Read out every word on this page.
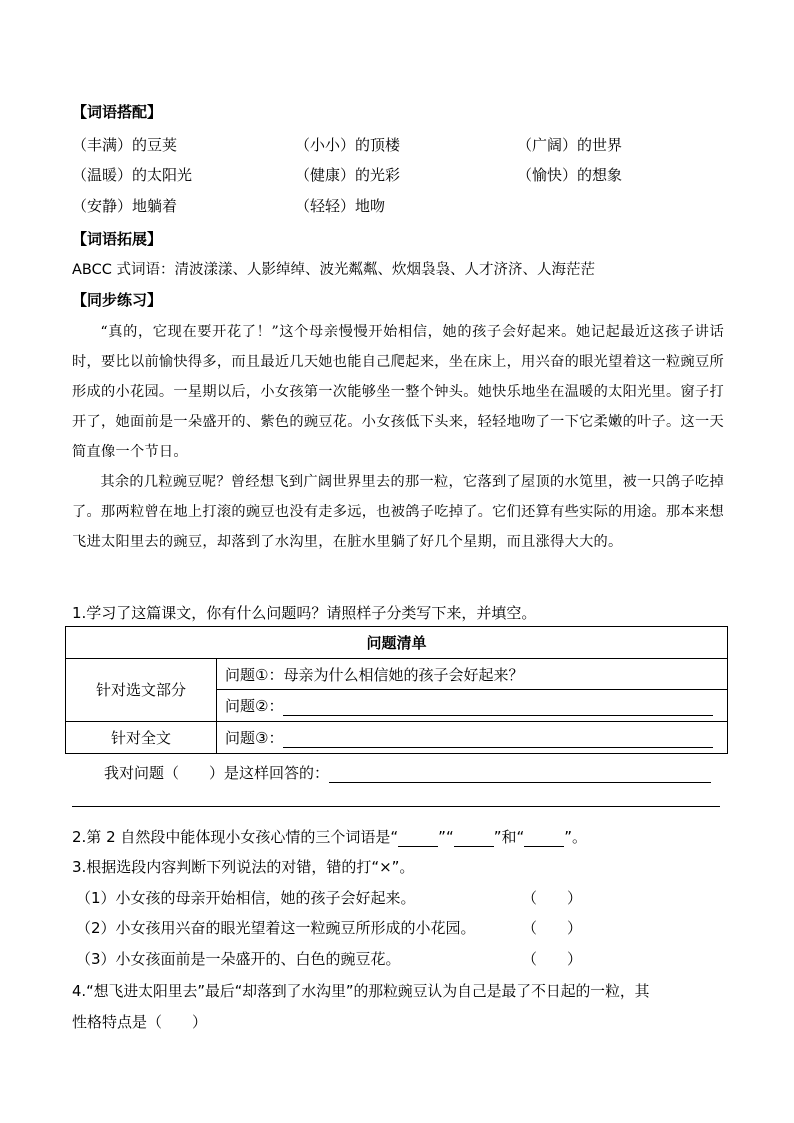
【词语搭配】
（丰满）的豆荚	（小小）的顶楼	（广阔）的世界
（温暖）的太阳光	（健康）的光彩	（愉快）的想象
（安静）地躺着	（轻轻）地吻
【词语拓展】
ABCC 式词语：清波漾漾、人影绰绰、波光粼粼、炊烟袅袅、人才济济、人海茫茫
【同步练习】

“真的，它现在要开花了！”这个母亲慢慢开始相信，她的孩子会好起来。她记起最近这孩子讲话时，要比以前愉快得多，而且最近几天她也能自己爬起来，坐在床上，用兴奋的眼光望着这一粒豌豆所形成的小花园。一星期以后，小女孩第一次能够坐一整个钟头。她快乐地坐在温暖的太阳光里。窗子打开了，她面前是一朵盛开的、紫色的豌豆花。小女孩低下头来，轻轻地吻了一下它柔嫩的叶子。这一天简直像一个节日。

其余的几粒豌豆呢？曾经想飞到广阔世界里去的那一粒，它落到了屋顶的水笕里，被一只鸽子吃掉了。那两粒曾在地上打滚的豌豆也没有走多远，也被鸽子吃掉了。它们还算有些实际的用途。那本来想飞进太阳里去的豌豆，却落到了水沟里，在脏水里躺了好几个星期，而且涨得大大的。

1.学习了这篇课文，你有什么问题吗？请照样子分类写下来，并填空。
问题清单	
针对选文部分	问题①：母亲为什么相信她的孩子会好起来？
	问题②：
针对全文	问题③：
我对问题（　　）是这样回答的：
2.第 2 自然段中能体现小女孩心情的三个词语是“	”“	”和“	”。
3.根据选段内容判断下列说法的对错，错的打“×”。
（1）小女孩的母亲开始相信，她的孩子会好起来。	（　　）
（2）小女孩用兴奋的眼光望着这一粒豌豆所形成的小花园。	（　　）
（3）小女孩面前是一朵盛开的、白色的豌豆花。	（　　）
4.“想飞进太阳里去”最后“却落到了水沟里”的那粒豌豆认为自己是最了不日起的一粒，其
性格特点是（　　）
